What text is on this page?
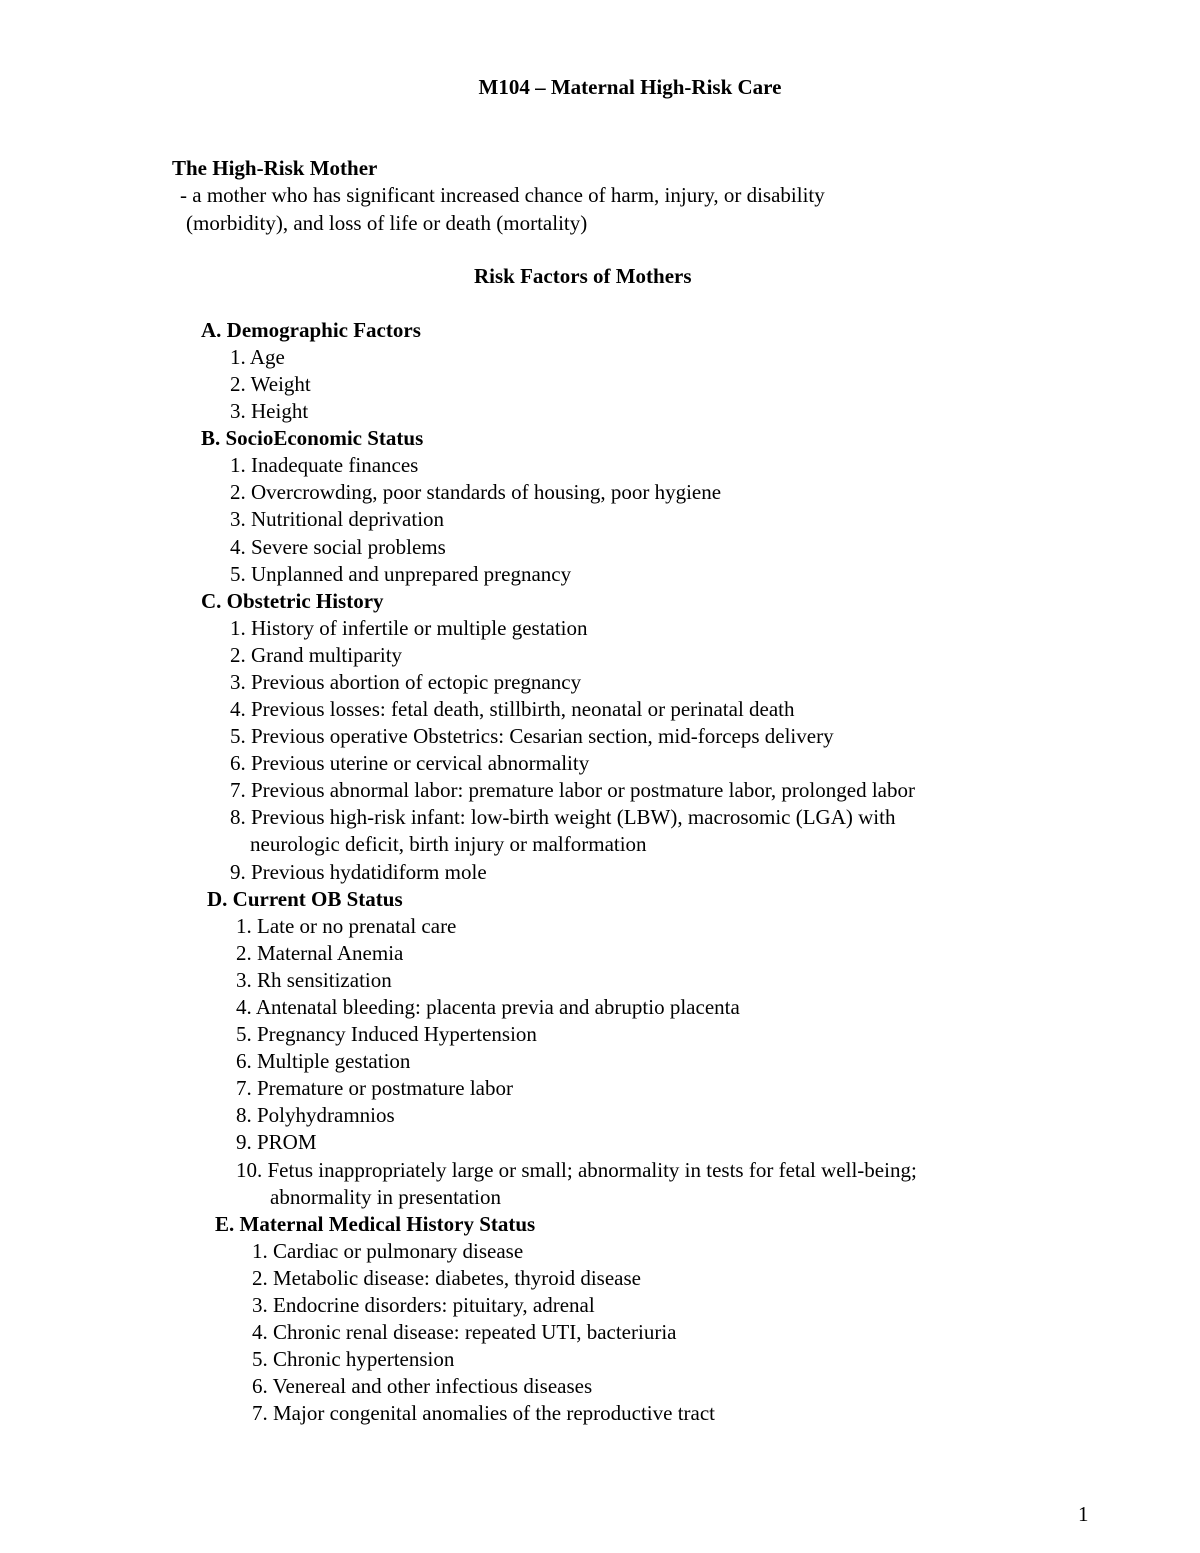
M104 – Maternal High-Risk Care
The High-Risk Mother
- a mother who has significant increased chance of harm, injury, or disability
(morbidity), and loss of life or death (mortality)
Risk Factors of Mothers
A. Demographic Factors
1. Age
2. Weight
3. Height
B. SocioEconomic Status
1. Inadequate finances
2. Overcrowding, poor standards of housing, poor hygiene
3. Nutritional deprivation
4. Severe social problems
5. Unplanned and unprepared pregnancy
C. Obstetric History
1. History of infertile or multiple gestation
2. Grand multiparity
3. Previous abortion of ectopic pregnancy
4. Previous losses: fetal death, stillbirth, neonatal or perinatal death
5. Previous operative Obstetrics: Cesarian section, mid-forceps delivery
6. Previous uterine or cervical abnormality
7. Previous abnormal labor: premature labor or postmature labor, prolonged labor
8. Previous high-risk infant: low-birth weight (LBW), macrosomic (LGA) with
neurologic deficit, birth injury or malformation
9. Previous hydatidiform mole
D. Current OB Status
1. Late or no prenatal care
2. Maternal Anemia
3. Rh sensitization
4. Antenatal bleeding: placenta previa and abruptio placenta
5. Pregnancy Induced Hypertension
6. Multiple gestation
7. Premature or postmature labor
8. Polyhydramnios
9. PROM
10. Fetus inappropriately large or small; abnormality in tests for fetal well-being;
abnormality in presentation
E. Maternal Medical History Status
1. Cardiac or pulmonary disease
2. Metabolic disease: diabetes, thyroid disease
3. Endocrine disorders: pituitary, adrenal
4. Chronic renal disease: repeated UTI, bacteriuria
5. Chronic hypertension
6. Venereal and other infectious diseases
7. Major congenital anomalies of the reproductive tract
1
